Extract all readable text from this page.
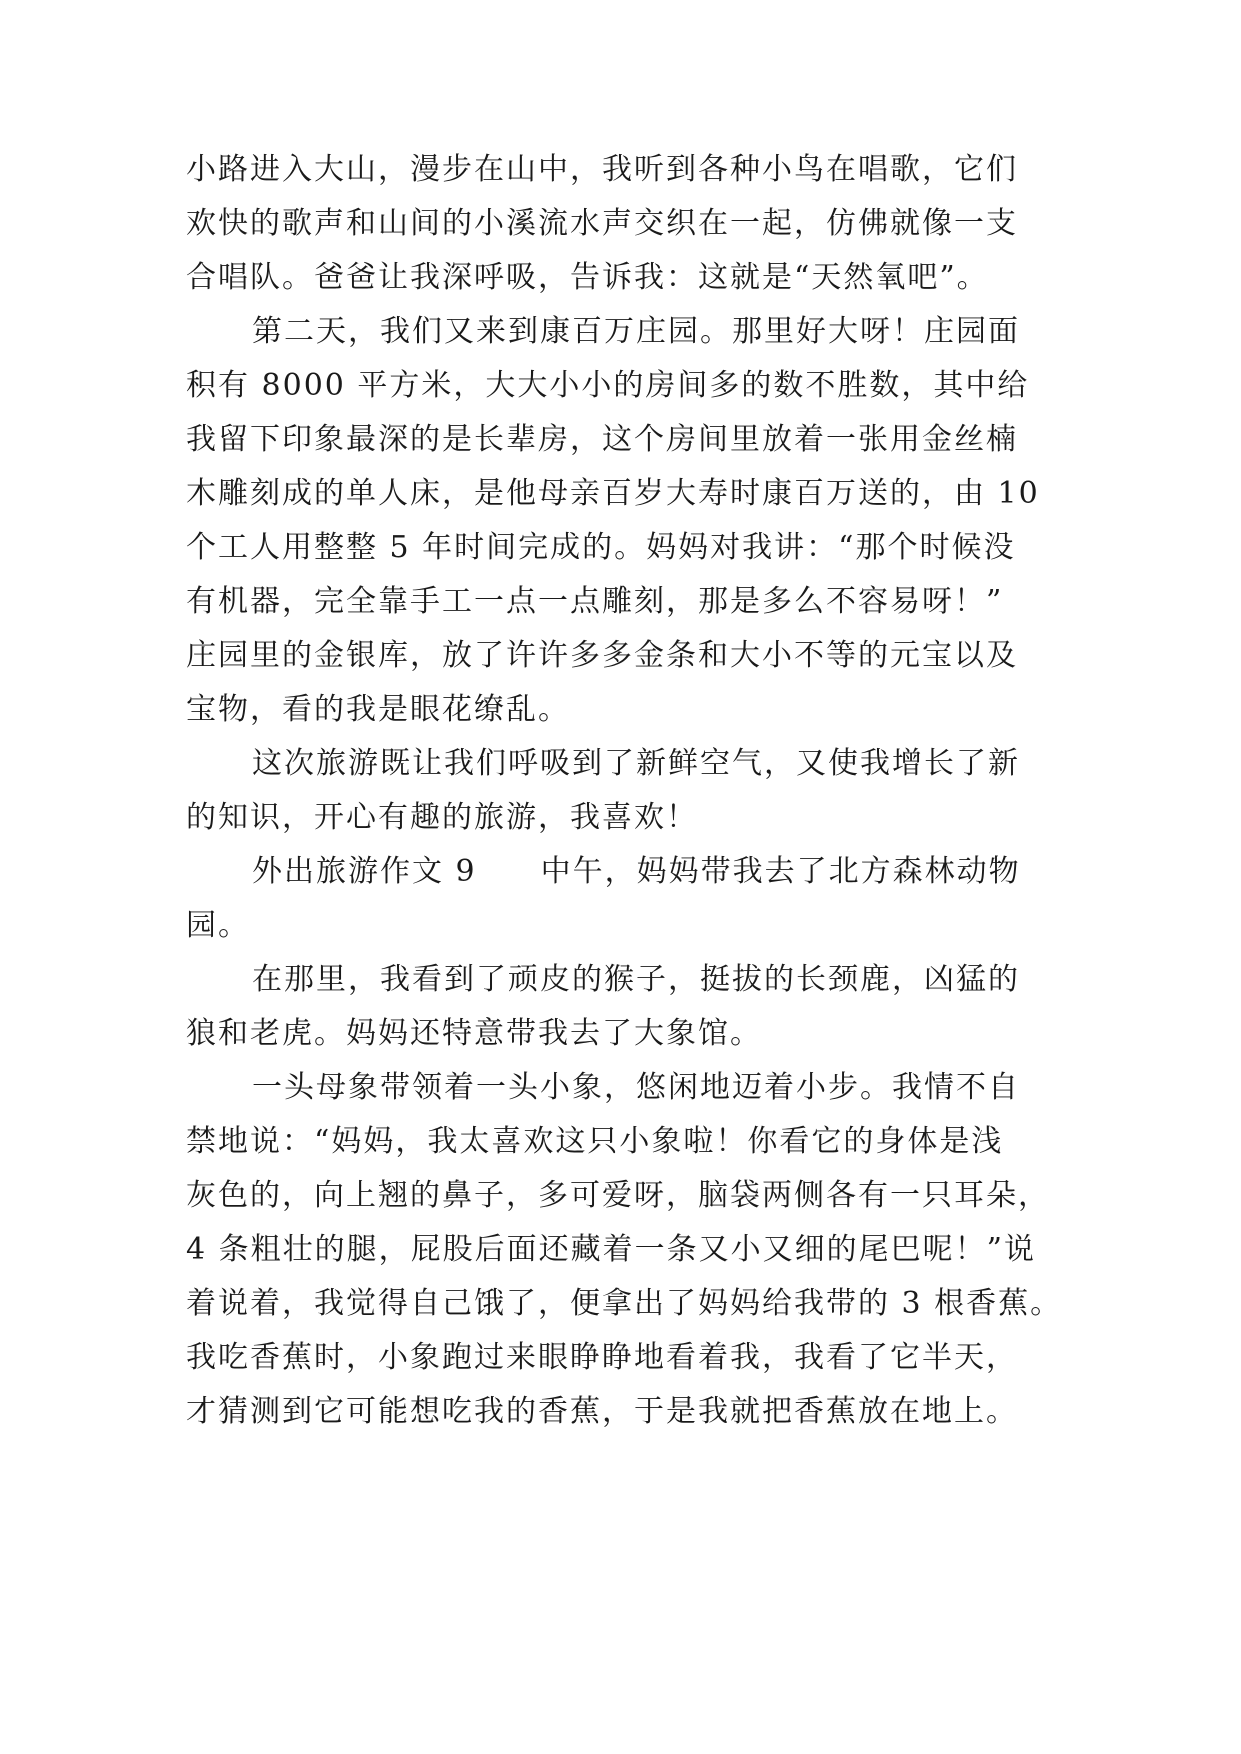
小路进入大山，漫步在山中，我听到各种小鸟在唱歌，它们
欢快的歌声和山间的小溪流水声交织在一起，仿佛就像一支
合唱队。爸爸让我深呼吸，告诉我：这就是“天然氧吧”。
第二天，我们又来到康百万庄园。那里好大呀！庄园面
积有 8000 平方米，大大小小的房间多的数不胜数，其中给
我留下印象最深的是长辈房，这个房间里放着一张用金丝楠
木雕刻成的单人床，是他母亲百岁大寿时康百万送的，由 10
个工人用整整 5 年时间完成的。妈妈对我讲：“那个时候没
有机器，完全靠手工一点一点雕刻，那是多么不容易呀！”
庄园里的金银库，放了许许多多金条和大小不等的元宝以及
宝物，看的我是眼花缭乱。
这次旅游既让我们呼吸到了新鲜空气，又使我增长了新
的知识，开心有趣的旅游，我喜欢！
外出旅游作文 9　　中午，妈妈带我去了北方森林动物
园。
在那里，我看到了顽皮的猴子，挺拔的长颈鹿，凶猛的
狼和老虎。妈妈还特意带我去了大象馆。
一头母象带领着一头小象，悠闲地迈着小步。我情不自
禁地说：“妈妈，我太喜欢这只小象啦！你看它的身体是浅
灰色的，向上翘的鼻子，多可爱呀，脑袋两侧各有一只耳朵，
4 条粗壮的腿，屁股后面还藏着一条又小又细的尾巴呢！”说
着说着，我觉得自己饿了，便拿出了妈妈给我带的 3 根香蕉。
我吃香蕉时，小象跑过来眼睁睁地看着我，我看了它半天，
才猜测到它可能想吃我的香蕉，于是我就把香蕉放在地上。
